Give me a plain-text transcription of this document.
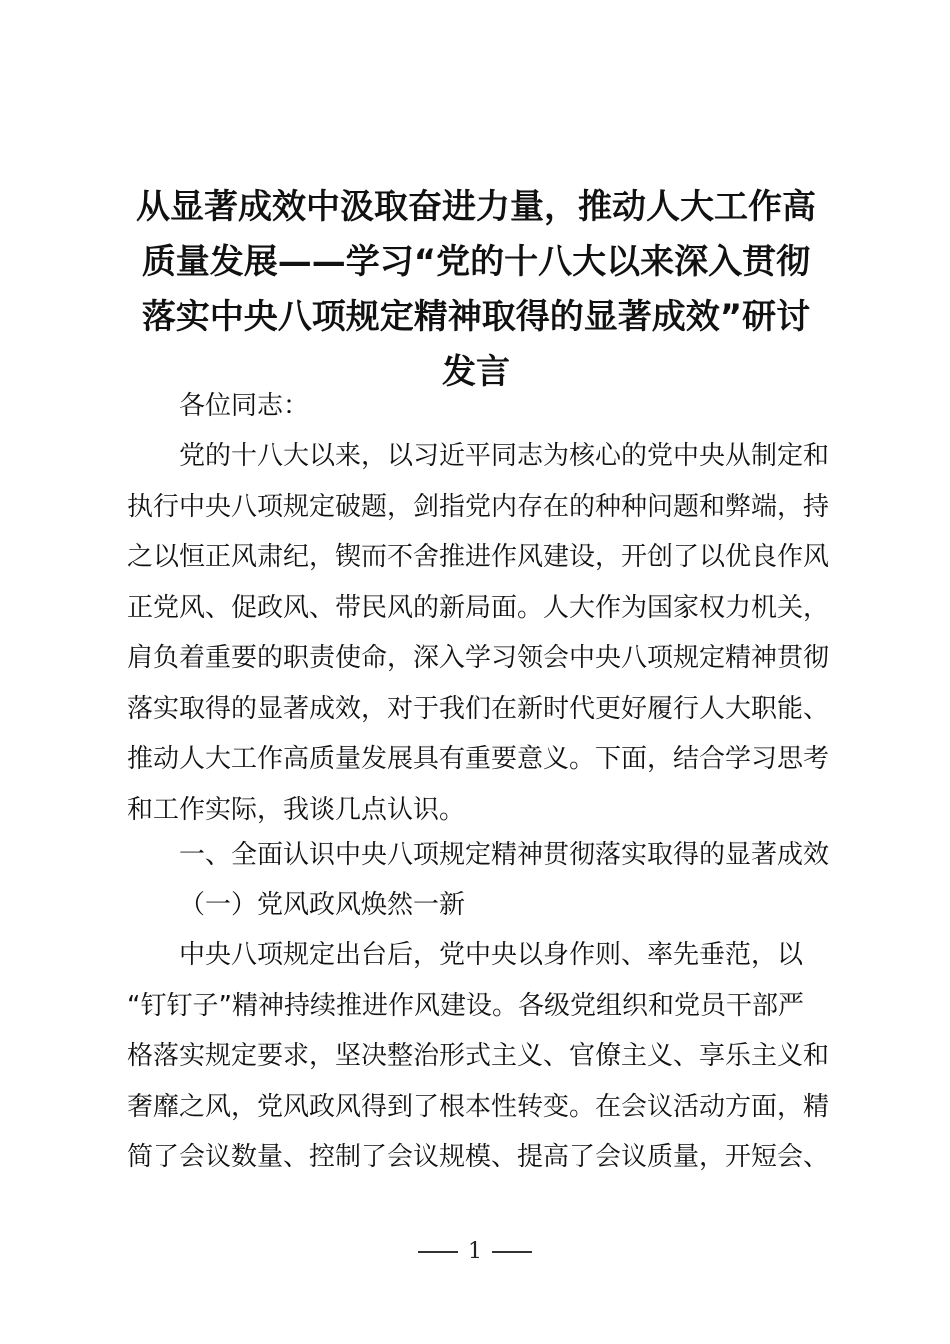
从显著成效中汲取奋进力量，推动人大工作高
质量发展——学习“党的十八大以来深入贯彻
落实中央八项规定精神取得的显著成效”研讨
发言
各位同志：
党的十八大以来，以习近平同志为核心的党中央从制定和
执行中央八项规定破题，剑指党内存在的种种问题和弊端，持
之以恒正风肃纪，锲而不舍推进作风建设，开创了以优良作风
正党风、促政风、带民风的新局面。人大作为国家权力机关，
肩负着重要的职责使命，深入学习领会中央八项规定精神贯彻
落实取得的显著成效，对于我们在新时代更好履行人大职能、
推动人大工作高质量发展具有重要意义。下面，结合学习思考
和工作实际，我谈几点认识。
一、全面认识中央八项规定精神贯彻落实取得的显著成效
（一）党风政风焕然一新
中央八项规定出台后，党中央以身作则、率先垂范，以
“钉钉子”精神持续推进作风建设。各级党组织和党员干部严
格落实规定要求，坚决整治形式主义、官僚主义、享乐主义和
奢靡之风，党风政风得到了根本性转变。在会议活动方面，精
简了会议数量、控制了会议规模、提高了会议质量，开短会、
1
